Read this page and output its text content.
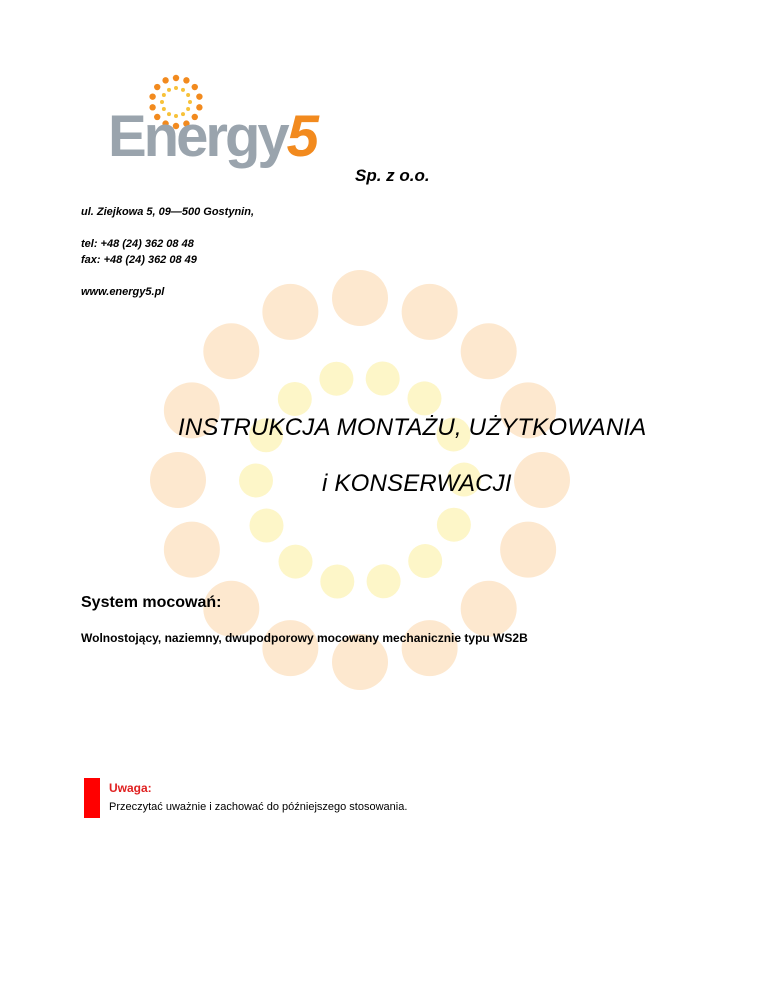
Energy5
Sp. z o.o.
ul. Ziejkowa 5, 09—500 Gostynin,
tel: +48 (24) 362 08 48
fax: +48 (24) 362 08 49
www.energy5.pl
INSTRUKCJA MONTAŻU, UŻYTKOWANIA
i KONSERWACJI
System mocowań:
Wolnostojący, naziemny, dwupodporowy mocowany mechanicznie typu WS2B
Uwaga:
Przeczytać uważnie i zachować do późniejszego stosowania.
